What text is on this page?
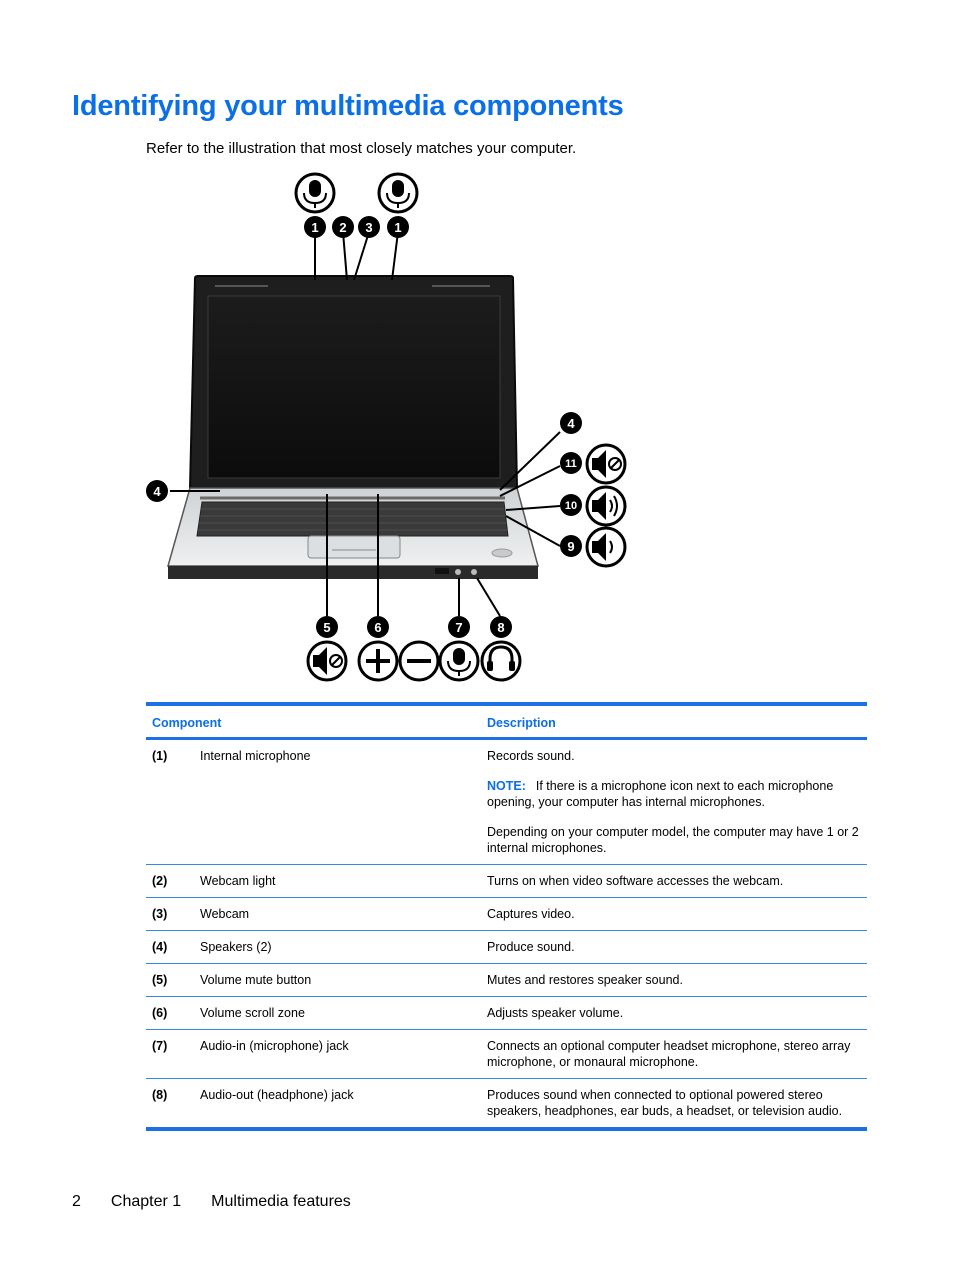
Identifying your multimedia components
Refer to the illustration that most closely matches your computer.
1 2 3 1
4
11
10
9
4
5	6	7	8
Component		Description
(1)	Internal microphone	Records sound.

NOTE: If there is a microphone icon next to each microphone opening, your computer has internal microphones.

Depending on your computer model, the computer may have 1 or 2 internal microphones.

(2)	Webcam light	Turns on when video software accesses the webcam.
(3)	Webcam	Captures video.
(4)	Speakers (2)	Produce sound.
(5)	Volume mute button	Mutes and restores speaker sound.
(6)	Volume scroll zone	Adjusts speaker volume.
(7)	Audio-in (microphone) jack	Connects an optional computer headset microphone, stereo array microphone, or monaural microphone.
(8)	Audio-out (headphone) jack	Produces sound when connected to optional powered stereo speakers, headphones, ear buds, a headset, or television audio.
2 Chapter 1 Multimedia features
